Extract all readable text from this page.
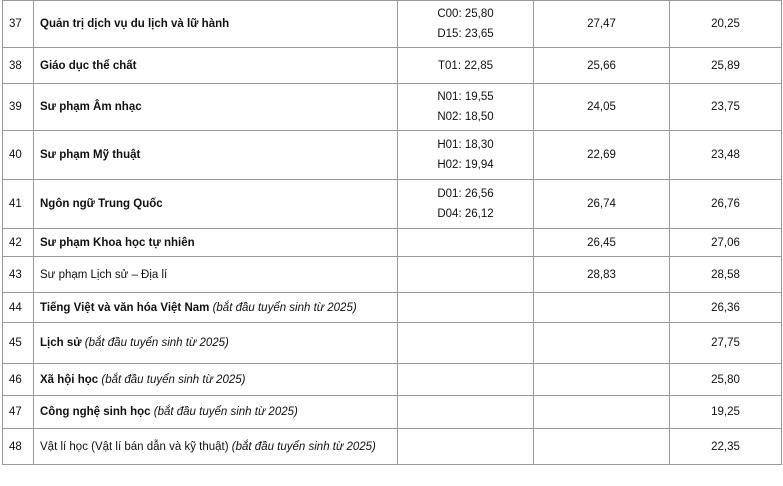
37	Quản trị dịch vụ du lịch và lữ hành	C00: 25,80
D15: 23,65	27,47	20,25
38	Giáo dục thể chất	T01: 22,85	25,66	25,89
39	Sư phạm Âm nhạc	N01: 19,55
N02: 18,50	24,05	23,75
40	Sư phạm Mỹ thuật	H01: 18,30
H02: 19,94	22,69	23,48
41	Ngôn ngữ Trung Quốc	D01: 26,56
D04: 26,12	26,74	26,76
42	Sư phạm Khoa học tự nhiên		26,45	27,06
43	Sư phạm Lịch sử – Địa lí		28,83	28,58
44	Tiếng Việt và văn hóa Việt Nam (bắt đầu tuyển sinh từ 2025)			26,36
45	Lịch sử (bắt đầu tuyển sinh từ 2025)			27,75
46	Xã hội học (bắt đầu tuyển sinh từ 2025)			25,80
47	Công nghệ sinh học (bắt đầu tuyển sinh từ 2025)			19,25
48	Vật lí học (Vật lí bán dẫn và kỹ thuật) (bắt đầu tuyển sinh từ 2025)			22,35
